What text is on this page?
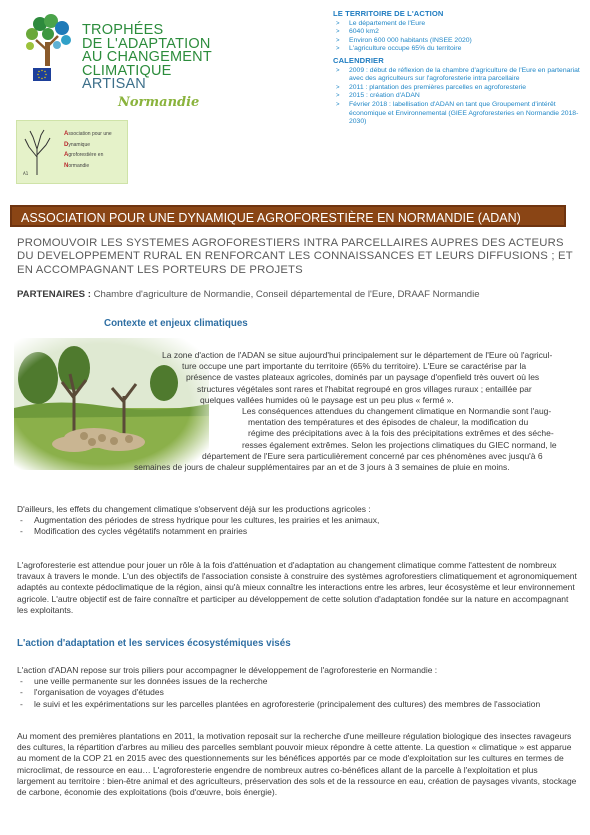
TROPHÉES
DE L'ADAPTATION
AU CHANGEMENT
CLIMATIQUE
ARTISAN
Normandie
LE TERRITOIRE DE L'ACTION
> Le département de l'Eure
> 6040 km2
> Environ 600 000 habitants (INSEE 2020)
> L'agriculture occupe 65% du territoire
CALENDRIER
> 2009 : début de réflexion de la chambre d'agriculture de l'Eure en partenariat avec des agriculteurs sur l'agroforesterie intra parcellaire
> 2011 : plantation des premières parcelles en agroforesterie
> 2015 : création d'ADAN
> Février 2018 : labellisation d'ADAN en tant que Groupement d'intérêt économique et Environnemental (GIEE Agroforesteries en Normandie 2018-2030)
A1
Association pour une
Dynamique
Agroforestière en
Normandie
ASSOCIATION POUR UNE DYNAMIQUE AGROFORESTIÈRE EN NORMANDIE (ADAN)
PROMOUVOIR LES SYSTEMES AGROFORESTIERS INTRA PARCELLAIRES AUPRES DES ACTEURS DU DEVELOPPEMENT RURAL EN RENFORCANT LES CONNAISSANCES ET LEURS DIFFUSIONS ; ET EN ACCOMPAGNANT LES PORTEURS DE PROJETS
PARTENAIRES : Chambre d'agriculture de Normandie, Conseil départemental de l'Eure, DRAAF Normandie
Contexte et enjeux climatiques
La zone d'action de l'ADAN se situe aujourd'hui principalement sur le département de l'Eure où l'agricul-
ture occupe une part importante du territoire (65% du territoire). L'Eure se caractérise par la
présence de vastes plateaux agricoles, dominés par un paysage d'openfield très ouvert où les
structures végétales sont rares et l'habitat regroupé en gros villages ruraux ; entaillée par
quelques vallées humides où le paysage est un peu plus « fermé ».
Les conséquences attendues du changement climatique en Normandie sont l'aug-
mentation des températures et des épisodes de chaleur, la modification du
régime des précipitations avec à la fois des précipitations extrêmes et des séche-
resses également extrêmes. Selon les projections climatiques du GIEC normand, le
département de l'Eure sera particulièrement concerné par ces phénomènes avec jusqu'à 6
semaines de jours de chaleur supplémentaires par an et de 3 jours à 3 semaines de pluie en moins.
D'ailleurs, les effets du changement climatique s'observent déjà sur les productions agricoles :
- Augmentation des périodes de stress hydrique pour les cultures, les prairies et les animaux,
- Modification des cycles végétatifs notamment en prairies
L'agroforesterie est attendue pour jouer un rôle à la fois d'atténuation et d'adaptation au changement climatique comme l'attestent de nombreux travaux à travers le monde. L'un des objectifs de l'association consiste à construire des systèmes agroforestiers climatiquement et agronomiquement adaptés au contexte pédoclimatique de la région, ainsi qu'à mieux connaître les interactions entre les arbres, leur écosystème et leur environnement agricole. L'autre objectif est de faire connaître et participer au développement de cette solution d'adaptation fondée sur la nature en accompagnant les exploitants.
L'action d'adaptation et les services écosystémiques visés
L'action d'ADAN repose sur trois piliers pour accompagner le développement de l'agroforesterie en Normandie :
- une veille permanente sur les données issues de la recherche
- l'organisation de voyages d'études
- le suivi et les expérimentations sur les parcelles plantées en agroforesterie (principalement des cultures) des membres de l'association
Au moment des premières plantations en 2011, la motivation reposait sur la recherche d'une meilleure régulation biologique des insectes ravageurs des cultures, la répartition d'arbres au milieu des parcelles semblant pouvoir mieux répondre à cette attente. La question « climatique » est apparue au moment de la COP 21 en 2015 avec des questionnements sur les bénéfices apportés par ce mode d'exploitation sur les cultures en termes de microclimat, de ressource en eau… L'agroforesterie engendre de nombreux autres co-bénéfices allant de la parcelle à l'exploitation et plus largement au territoire : bien-être animal et des agriculteurs, préservation des sols et de la ressource en eau, création de paysages vivants, stockage de carbone, économie des exploitations (bois d'œuvre, bois énergie).
